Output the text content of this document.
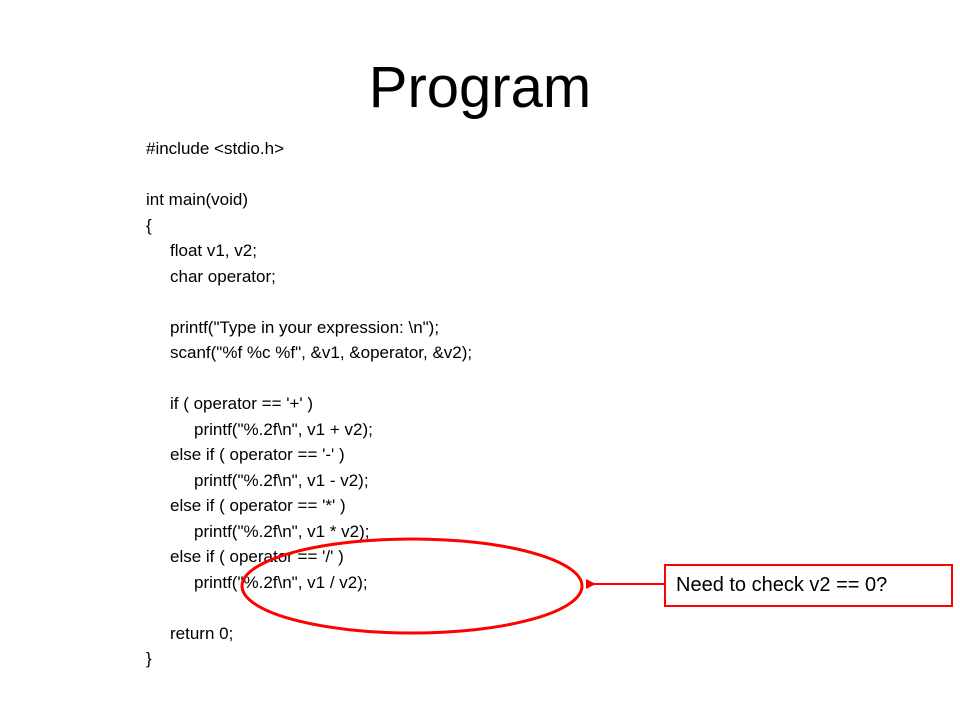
Program
#include <stdio.h>
int main(void)
{
float v1, v2;
char operator;
printf("Type in your expression: \n");
scanf("%f %c %f", &v1, &operator, &v2);
if ( operator == '+' )
printf("%.2f\n", v1 + v2);
else if ( operator == '-' )
printf("%.2f\n", v1 - v2);
else if ( operator == '*' )
printf("%.2f\n", v1 * v2);
else if ( operator == '/' )
printf("%.2f\n", v1 / v2);
return 0;
}
Need to check v2 == 0?
